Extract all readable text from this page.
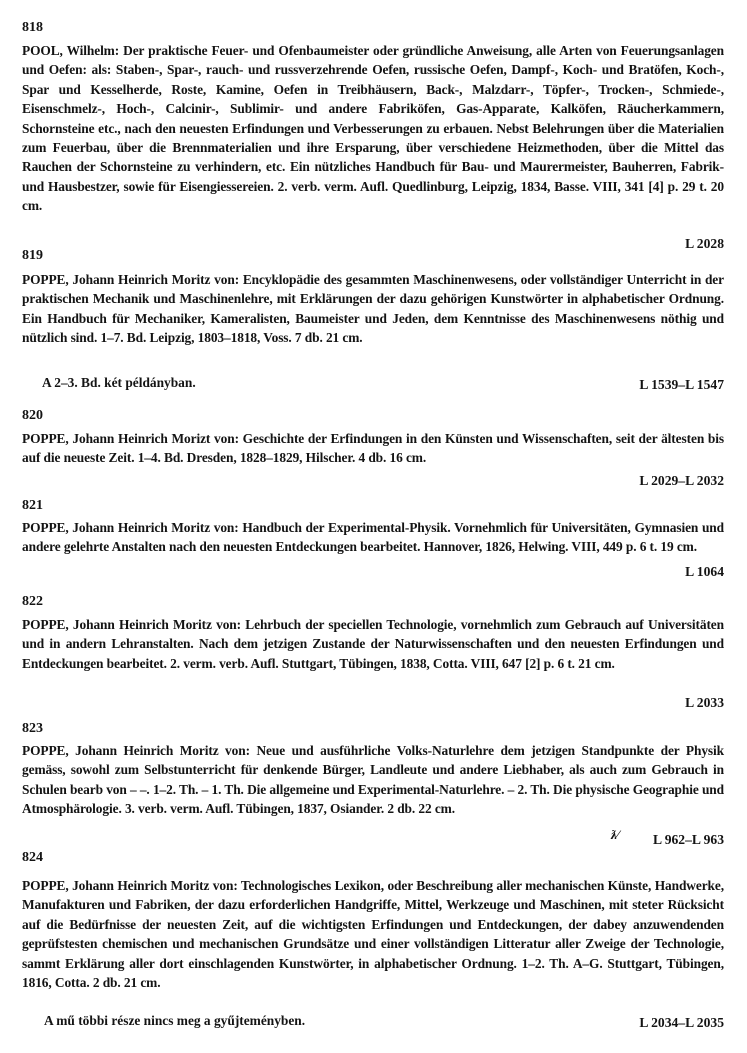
818
POOL, Wilhelm: Der praktische Feuer- und Ofenbaumeister oder gründliche Anweisung, alle Arten von Feuerungsanlagen und Oefen: als: Staben-, Spar-, rauch- und russverzehrende Oefen, russische Oefen, Dampf-, Koch- und Bratöfen, Koch-, Spar und Kesselherde, Roste, Kamine, Oefen in Treibhäusern, Back-, Malzdarr-, Töpfer-, Trocken-, Schmiede-, Eisenschmelz-, Hoch-, Calcinir-, Sublimir- und andere Fabriköfen, Gas-Apparate, Kalköfen, Räucherkammern, Schornsteine etc., nach den neuesten Erfindungen und Verbesserungen zu erbauen. Nebst Belehrungen über die Materialien zum Feuerbau, über die Brennmaterialien und ihre Ersparung, über verschiedene Heizmethoden, über die Mittel das Rauchen der Schornsteine zu verhindern, etc. Ein nützliches Handbuch für Bau- und Maurermeister, Bauherren, Fabrik- und Hausbestzer, sowie für Eisengiessereien. 2. verb. verm. Aufl. Quedlinburg, Leipzig, 1834, Basse. VIII, 341 [4] p. 29 t. 20 cm.
L 2028
819
POPPE, Johann Heinrich Moritz von: Encyklopädie des gesammten Maschinenwesens, oder vollständiger Unterricht in der praktischen Mechanik und Maschinenlehre, mit Erklärungen der dazu gehörigen Kunstwörter in alphabetischer Ordnung. Ein Handbuch für Mechaniker, Kameralisten, Baumeister und Jeden, dem Kenntnisse des Maschinenwesens nöthig und nützlich sind. 1–7. Bd. Leipzig, 1803–1818, Voss. 7 db. 21 cm.
A 2–3. Bd. két példányban.	L 1539–L 1547
820
POPPE, Johann Heinrich Morizt von: Geschichte der Erfindungen in den Künsten und Wissenschaften, seit der ältesten bis auf die neueste Zeit. 1–4. Bd. Dresden, 1828–1829, Hilscher. 4 db. 16 cm.
L 2029–L 2032
821
POPPE, Johann Heinrich Moritz von: Handbuch der Experimental-Physik. Vornehmlich für Universitäten, Gymnasien und andere gelehrte Anstalten nach den neuesten Entdeckungen bearbeitet. Hannover, 1826, Helwing. VIII, 449 p. 6 t. 19 cm.
L 1064
822
POPPE, Johann Heinrich Moritz von: Lehrbuch der speciellen Technologie, vornehmlich zum Gebrauch auf Universitäten und in andern Lehranstalten. Nach dem jetzigen Zustande der Naturwissenschaften und den neuesten Erfindungen und Entdeckungen bearbeitet. 2. verm. verb. Aufl. Stuttgart, Tübingen, 1838, Cotta. VIII, 647 [2] p. 6 t. 21 cm.
L 2033
823
POPPE, Johann Heinrich Moritz von: Neue und ausführliche Volks-Naturlehre dem jetzigen Standpunkte der Physik gemäss, sowohl zum Selbstunterricht für denkende Bürger, Landleute und andere Liebhaber, als auch zum Gebrauch in Schulen bearb von – –. 1–2. Th. – 1. Th. Die allgemeine und Experimental-Naturlehre. – 2. Th. Die physische Geographie und Atmosphärologie. 3. verb. verm. Aufl. Tübingen, 1837, Osiander. 2 db. 22 cm.
ƛ⁄	L 962–L 963
824
POPPE, Johann Heinrich Moritz von: Technologisches Lexikon, oder Beschreibung aller mechanischen Künste, Handwerke, Manufakturen und Fabriken, der dazu erforderlichen Handgriffe, Mittel, Werkzeuge und Maschinen, mit steter Rücksicht auf die Bedürfnisse der neuesten Zeit, auf die wichtigsten Erfindungen und Entdeckungen, der dabey anzuwendenden geprüfstesten chemischen und mechanischen Grundsätze und einer vollständigen Litteratur aller Zweige der Technologie, sammt Erklärung aller dort einschlagenden Kunstwörter, in alphabetischer Ordnung. 1–2. Th. A–G. Stuttgart, Tübingen, 1816, Cotta. 2 db. 21 cm.
A mű többi része nincs meg a gyűjteményben.	L 2034–L 2035
